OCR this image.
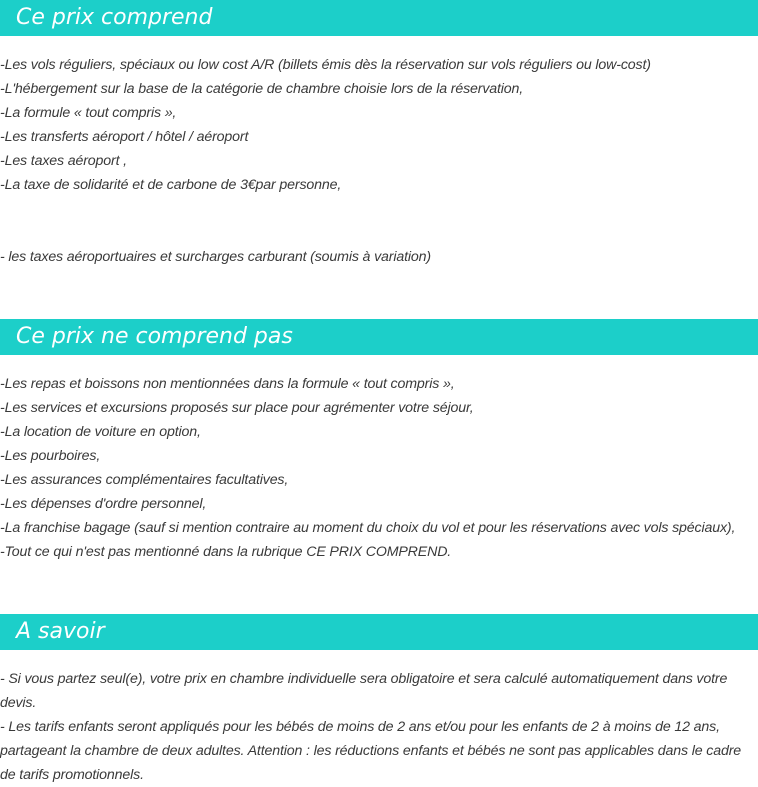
Ce prix comprend
-Les vols réguliers, spéciaux ou low cost A/R (billets émis dès la réservation sur vols réguliers ou low-cost)
-L'hébergement sur la base de la catégorie de chambre choisie lors de la réservation,
-La formule « tout compris »,
-Les transferts aéroport / hôtel / aéroport
-Les taxes aéroport ,
-La taxe de solidarité et de carbone de 3€par personne,
- les taxes aéroportuaires et surcharges carburant (soumis à variation)
Ce prix ne comprend pas
-Les repas et boissons non mentionnées dans la formule « tout compris »,
-Les services et excursions proposés sur place pour agrémenter votre séjour,
-La location de voiture en option,
-Les pourboires,
-Les assurances complémentaires facultatives,
-Les dépenses d'ordre personnel,
-La franchise bagage (sauf si mention contraire au moment du choix du vol et pour les réservations avec vols spéciaux),
-Tout ce qui n'est pas mentionné dans la rubrique CE PRIX COMPREND.
A savoir

- Si vous partez seul(e), votre prix en chambre individuelle sera obligatoire et sera calculé automatiquement dans votre devis.

- Les tarifs enfants seront appliqués pour les bébés de moins de 2 ans et/ou pour les enfants de 2 à moins de 12 ans, partageant la chambre de deux adultes. Attention : les réductions enfants et bébés ne sont pas applicables dans le cadre de tarifs promotionnels.
